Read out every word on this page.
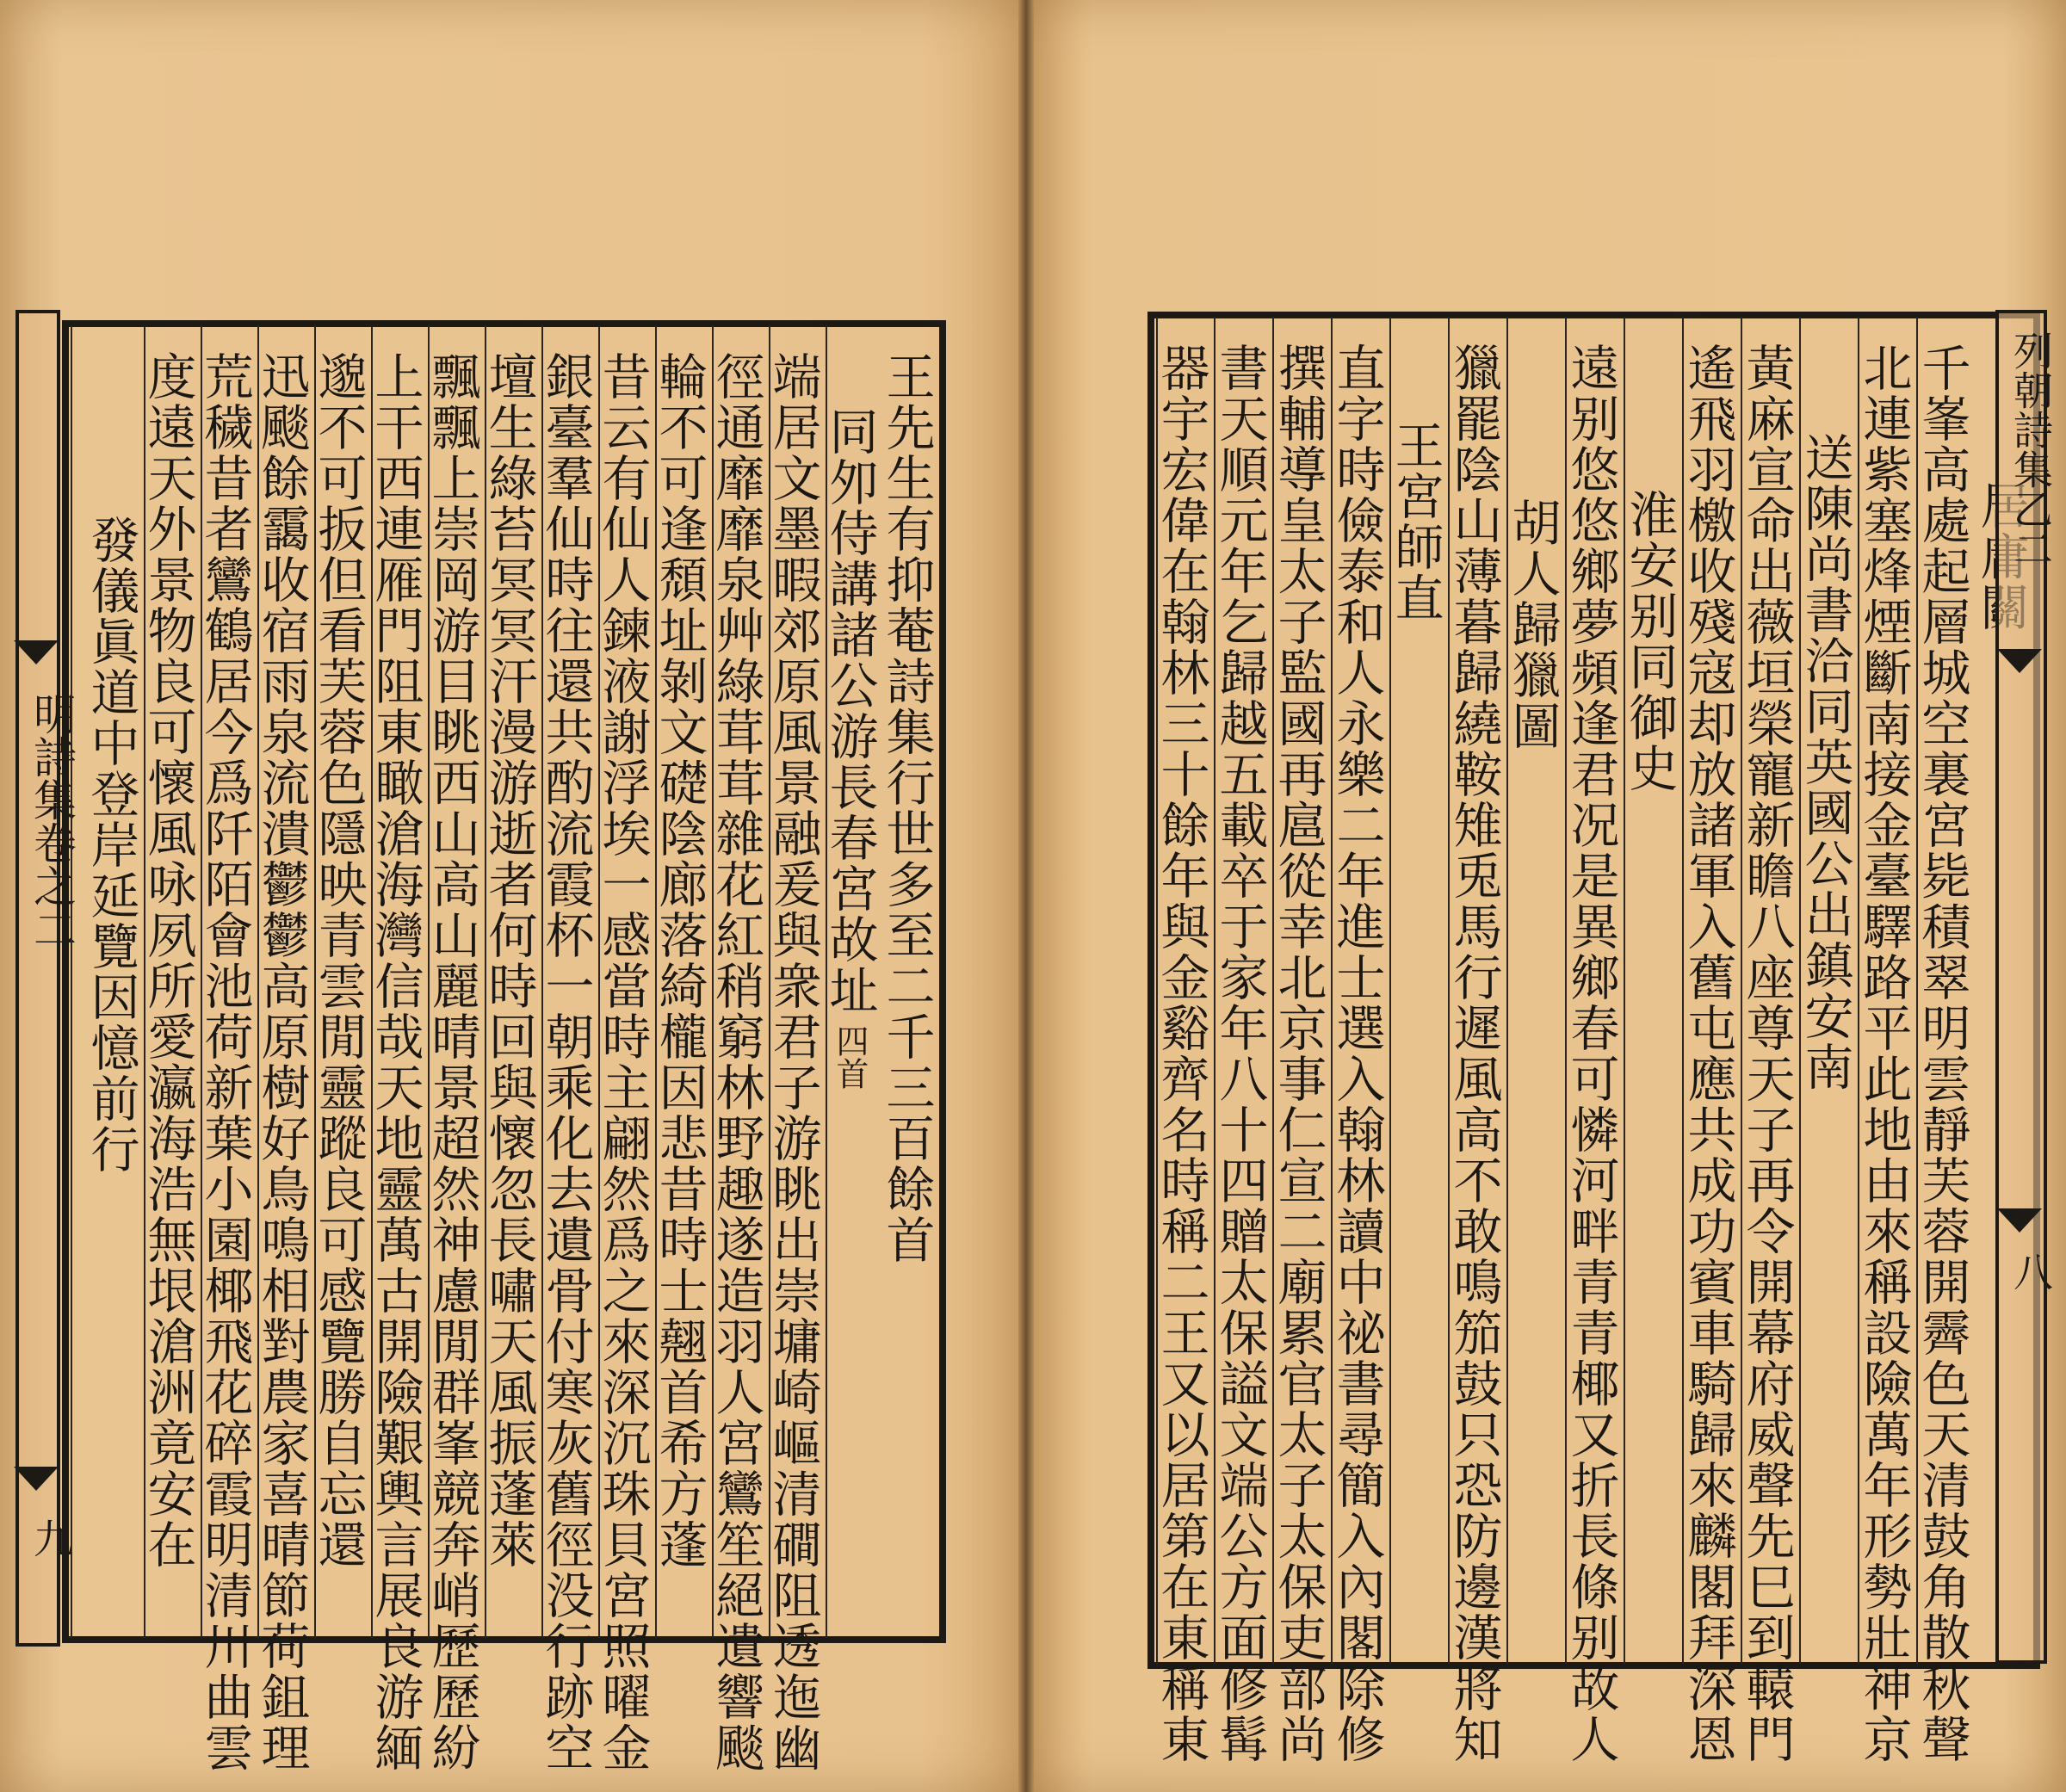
明詩集卷之二
九
王先生有抑菴詩集行世多至二千三百餘首
同夘侍講諸公游長春宮故址四首
端居文墨暇郊原風景融爰與衆君子游眺出崇墉崎嶇清磵阻透迤幽
徑通靡靡泉艸綠茸茸雜花紅稍窮林野趣遂造羽人宮鸞笙絕遺響颷
輪不可逢頹址剝文礎陰廊落綺櫳因悲昔時士翹首希方蓬
昔云有仙人鍊液謝浮埃一感當時主翩然爲之來深沉珠貝宮照曜金
銀臺羣仙時往還共酌流霞杯一朝乘化去遺骨付寒灰舊徑没行跡空
壇生綠苔冥冥汗漫游逝者何時回與懷忽長嘯天風振蓬萊
飄飄上崇岡游目眺西山高山麗晴景超然神慮閒群峯競奔峭歷歷紛
上干西連雁門阻東瞰滄海灣信哉天地靈萬古開險艱輿言展良游緬
邈不可扳但看芙蓉色隱映青雲閒靈蹤良可感覽勝自忘還
迅颷餘靄收宿雨泉流潰鬱鬱高原樹好鳥鳴相對農家喜晴節荷鉏理
荒穢昔者鸞鶴居今爲阡陌會池荷新葉小園椰飛花碎霞明清川曲雲
度遠天外景物良可懷風咏夙所愛瀛海浩無垠滄洲竟安在
發儀眞道中登岸延覽因憶前行	千峯高處起層城空裏宮毙積翠明雲靜芙蓉開霽色天清鼓角散秋聲
北連紫塞烽煙斷南接金臺驛路平此地由來稱設險萬年形勢壯神京
送陳尚書洽同英國公出鎮安南
黃麻宣命出薇垣榮寵新瞻八座尊天子再令開幕府威聲先巳到轅門
遙飛羽檄收殘寇却放諸軍入舊屯應共成功賓車騎歸來麟閣拜深恩
淮安别同御史
遠别悠悠鄉夢頻逢君况是異鄉春可憐河畔青青椰又折長條别故人
胡人歸獵圖
獵罷陰山薄暮歸繞鞍雉兎馬行遲風高不敢鳴笳鼓只恐防邊漢將知
王宮師直
直字時儉泰和人永樂二年進士選入翰林讀中祕書尋簡入內閣除修
撰輔導皇太子監國再扈從幸北京事仁宣二廟累官太子太保吏部尚
書天順元年乞歸越五載卒于家年八十四贈太保謚文端公方面修髯
器宇宏偉在翰林三十餘年與金谿齊名時稱二王又以居第在東稱東	列朝詩集乙二
八
